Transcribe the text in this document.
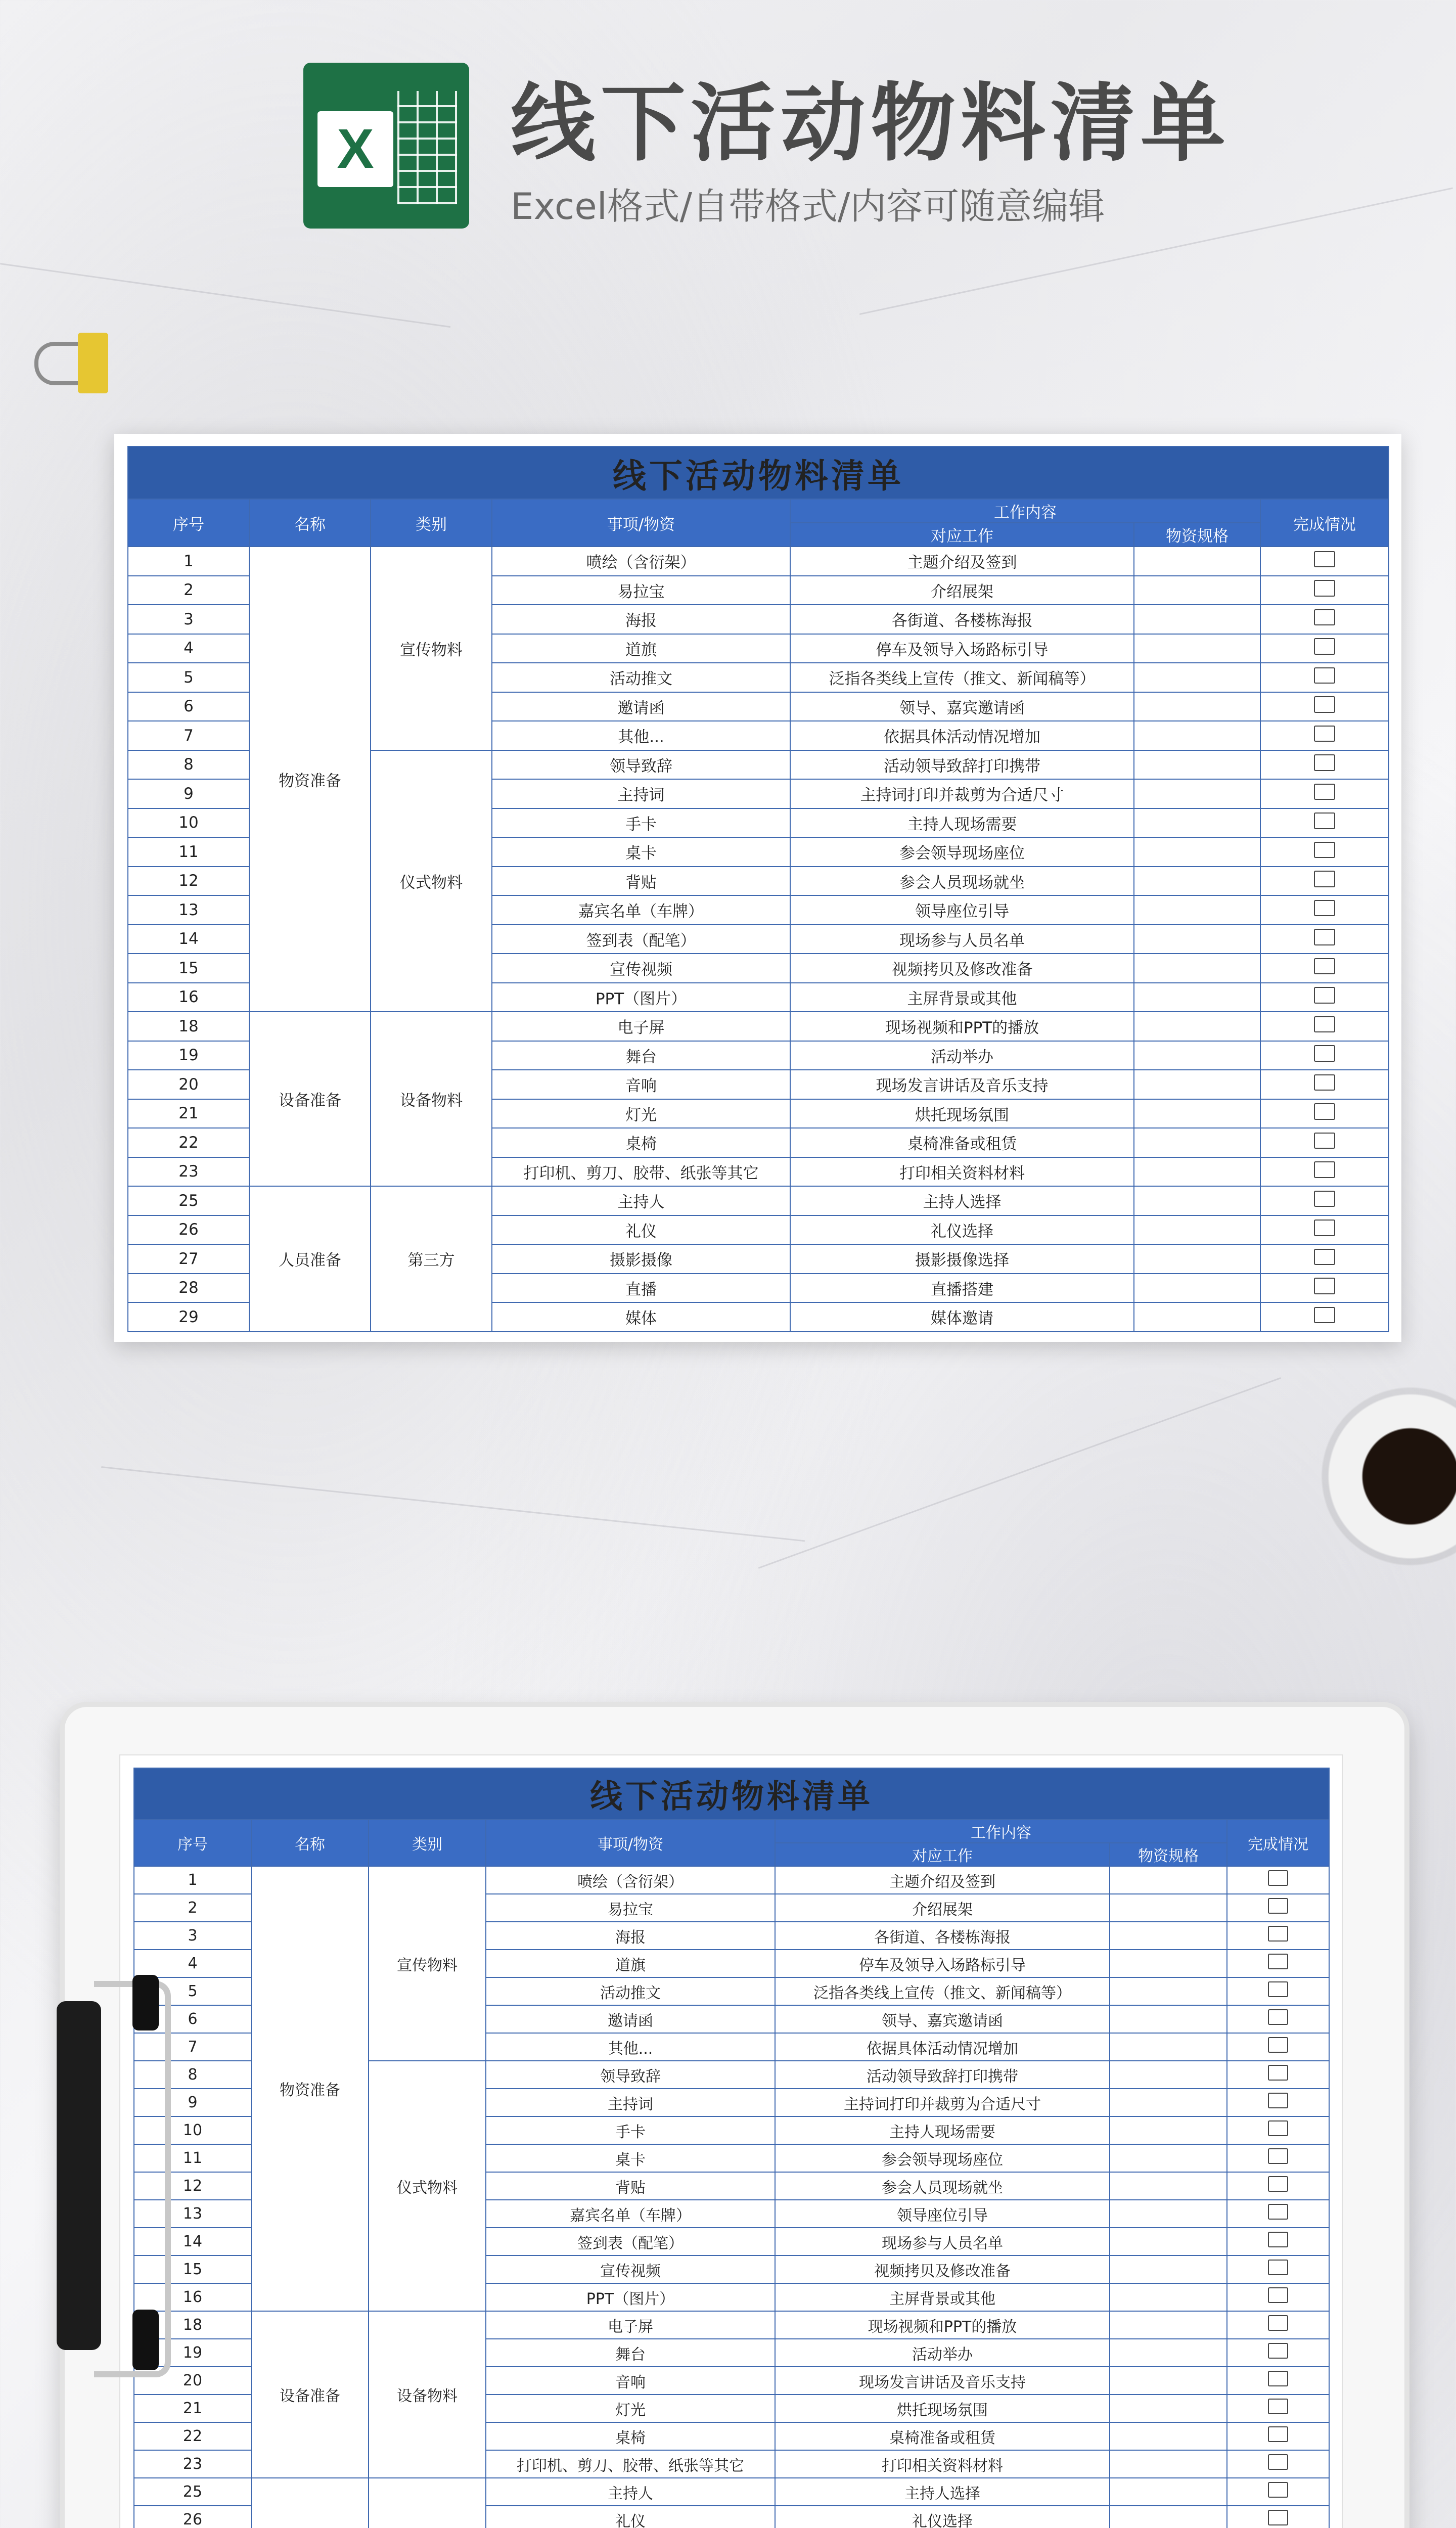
X 线下活动物料清单
Excel格式/自带格式/内容可随意编辑
线下活动物料清单						
序号	名称	类别	事项/物资	工作内容		完成情况
				对应工作	物资规格	
1	物资准备	宣传物料	喷绘（含衍架）	主题介绍及签到		
2			易拉宝	介绍展架		
3			海报	各街道、各楼栋海报		
4			道旗	停车及领导入场路标引导		
5			活动推文	泛指各类线上宣传（推文、新闻稿等）		
6			邀请函	领导、嘉宾邀请函		
7			其他...	依据具体活动情况增加		
8		仪式物料	领导致辞	活动领导致辞打印携带		
9			主持词	主持词打印并裁剪为合适尺寸		
10			手卡	主持人现场需要		
11			桌卡	参会领导现场座位		
12			背贴	参会人员现场就坐		
13			嘉宾名单（车牌）	领导座位引导		
14			签到表（配笔）	现场参与人员名单		
15			宣传视频	视频拷贝及修改准备		
16			PPT（图片）	主屏背景或其他		
18	设备准备	设备物料	电子屏	现场视频和PPT的播放		
19			舞台	活动举办		
20			音响	现场发言讲话及音乐支持		
21			灯光	烘托现场氛围		
22			桌椅	桌椅准备或租赁		
23			打印机、剪刀、胶带、纸张等其它	打印相关资料材料		
25	人员准备	第三方	主持人	主持人选择		
26			礼仪	礼仪选择		
27			摄影摄像	摄影摄像选择		
28			直播	直播搭建		
29			媒体	媒体邀请		
线下活动物料清单						
序号	名称	类别	事项/物资	工作内容		完成情况
				对应工作	物资规格	
1	物资准备	宣传物料	喷绘（含衍架）	主题介绍及签到		
2			易拉宝	介绍展架		
3			海报	各街道、各楼栋海报		
4			道旗	停车及领导入场路标引导		
5			活动推文	泛指各类线上宣传（推文、新闻稿等）		
6			邀请函	领导、嘉宾邀请函		
7			其他...	依据具体活动情况增加		
8		仪式物料	领导致辞	活动领导致辞打印携带		
9			主持词	主持词打印并裁剪为合适尺寸		
10			手卡	主持人现场需要		
11			桌卡	参会领导现场座位		
12			背贴	参会人员现场就坐		
13			嘉宾名单（车牌）	领导座位引导		
14			签到表（配笔）	现场参与人员名单		
15			宣传视频	视频拷贝及修改准备		
16			PPT（图片）	主屏背景或其他		
18	设备准备	设备物料	电子屏	现场视频和PPT的播放		
19			舞台	活动举办		
20			音响	现场发言讲话及音乐支持		
21			灯光	烘托现场氛围		
22			桌椅	桌椅准备或租赁		
23			打印机、剪刀、胶带、纸张等其它	打印相关资料材料		
25			主持人	主持人选择		
26			礼仪	礼仪选择		
